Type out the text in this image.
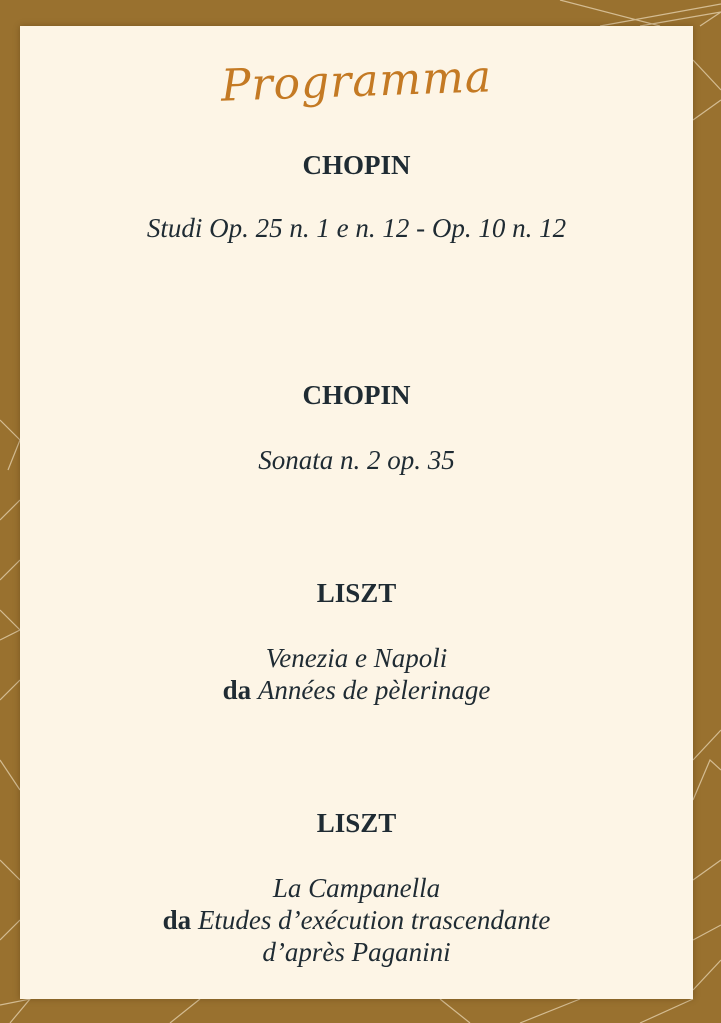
Programma
CHOPIN
Studi Op. 25 n. 1 e n. 12 - Op. 10 n. 12
CHOPIN
Sonata n. 2 op. 35
LISZT
Venezia e Napoli
da Années de pèlerinage
LISZT
La Campanella
da Etudes d’exécution trascendante
d’après Paganini
